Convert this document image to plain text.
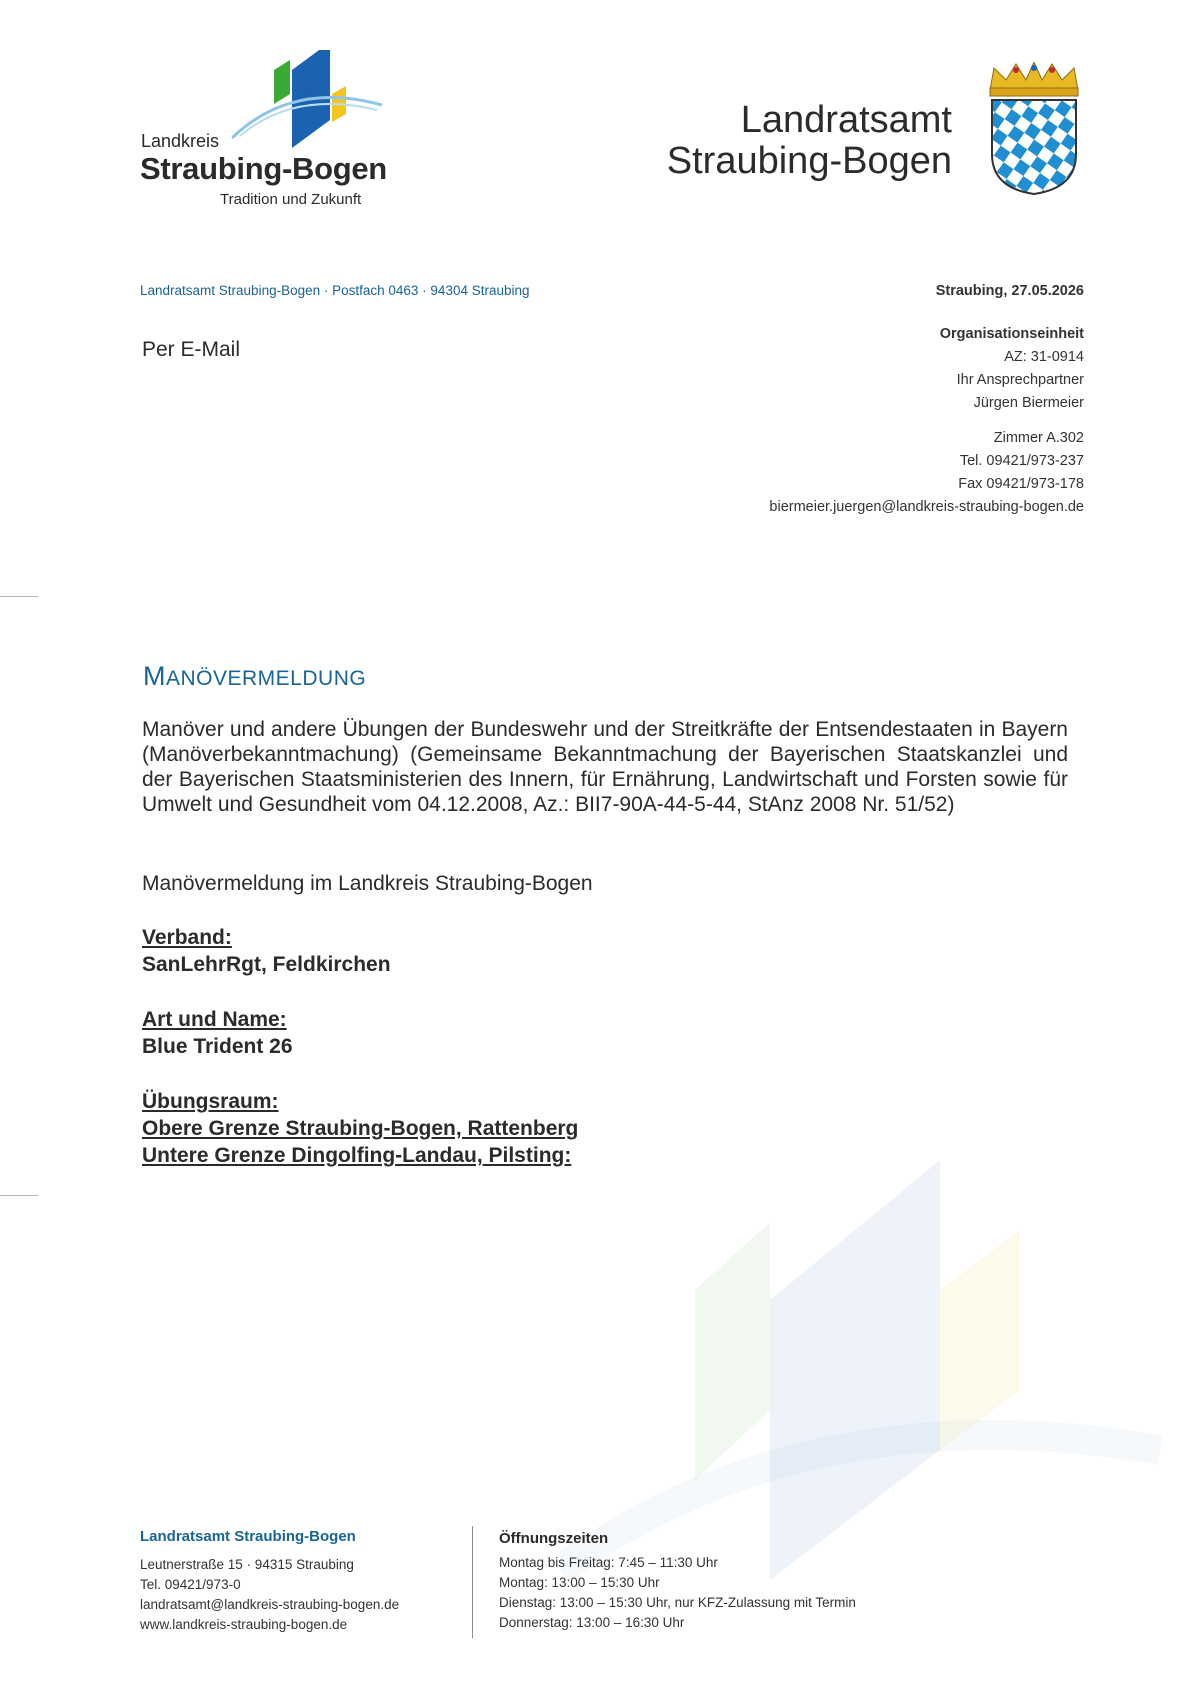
Landkreis
Straubing-Bogen
Tradition und Zukunft
Landratsamt
Straubing-Bogen
Landratsamt Straubing-Bogen · Postfach 0463 · 94304 Straubing
Per E-Mail
Straubing, 27.05.2026
Organisationseinheit
AZ: 31-0914
Ihr Ansprechpartner
Jürgen Biermeier
Zimmer A.302
Tel. 09421/973-237
Fax 09421/973-178
biermeier.juergen@landkreis-straubing-bogen.de
MANÖVERMELDUNG
Manöver und andere Übungen der Bundeswehr und der Streitkräfte der Entsendestaaten in Bayern (Manöverbekanntmachung) (Gemeinsame Bekanntmachung der Bayerischen Staatskanzlei und der Bayerischen Staatsministerien des Innern, für Ernährung, Landwirtschaft und Forsten sowie für Umwelt und Gesundheit vom 04.12.2008, Az.: BII7-90A-44-5-44, StAnz 2008 Nr. 51/52)
Manövermeldung im Landkreis Straubing-Bogen
Verband:
SanLehrRgt, Feldkirchen
Art und Name:
Blue Trident 26
Übungsraum:
Obere Grenze Straubing-Bogen, Rattenberg
Untere Grenze Dingolfing-Landau, Pilsting:
Landratsamt Straubing-Bogen
Leutnerstraße 15 · 94315 Straubing
Tel. 09421/973-0
landratsamt@landkreis-straubing-bogen.de
www.landkreis-straubing-bogen.de
Öffnungszeiten
Montag bis Freitag: 7:45 – 11:30 Uhr
Montag: 13:00 – 15:30 Uhr
Dienstag: 13:00 – 15:30 Uhr, nur KFZ-Zulassung mit Termin
Donnerstag: 13:00 – 16:30 Uhr
